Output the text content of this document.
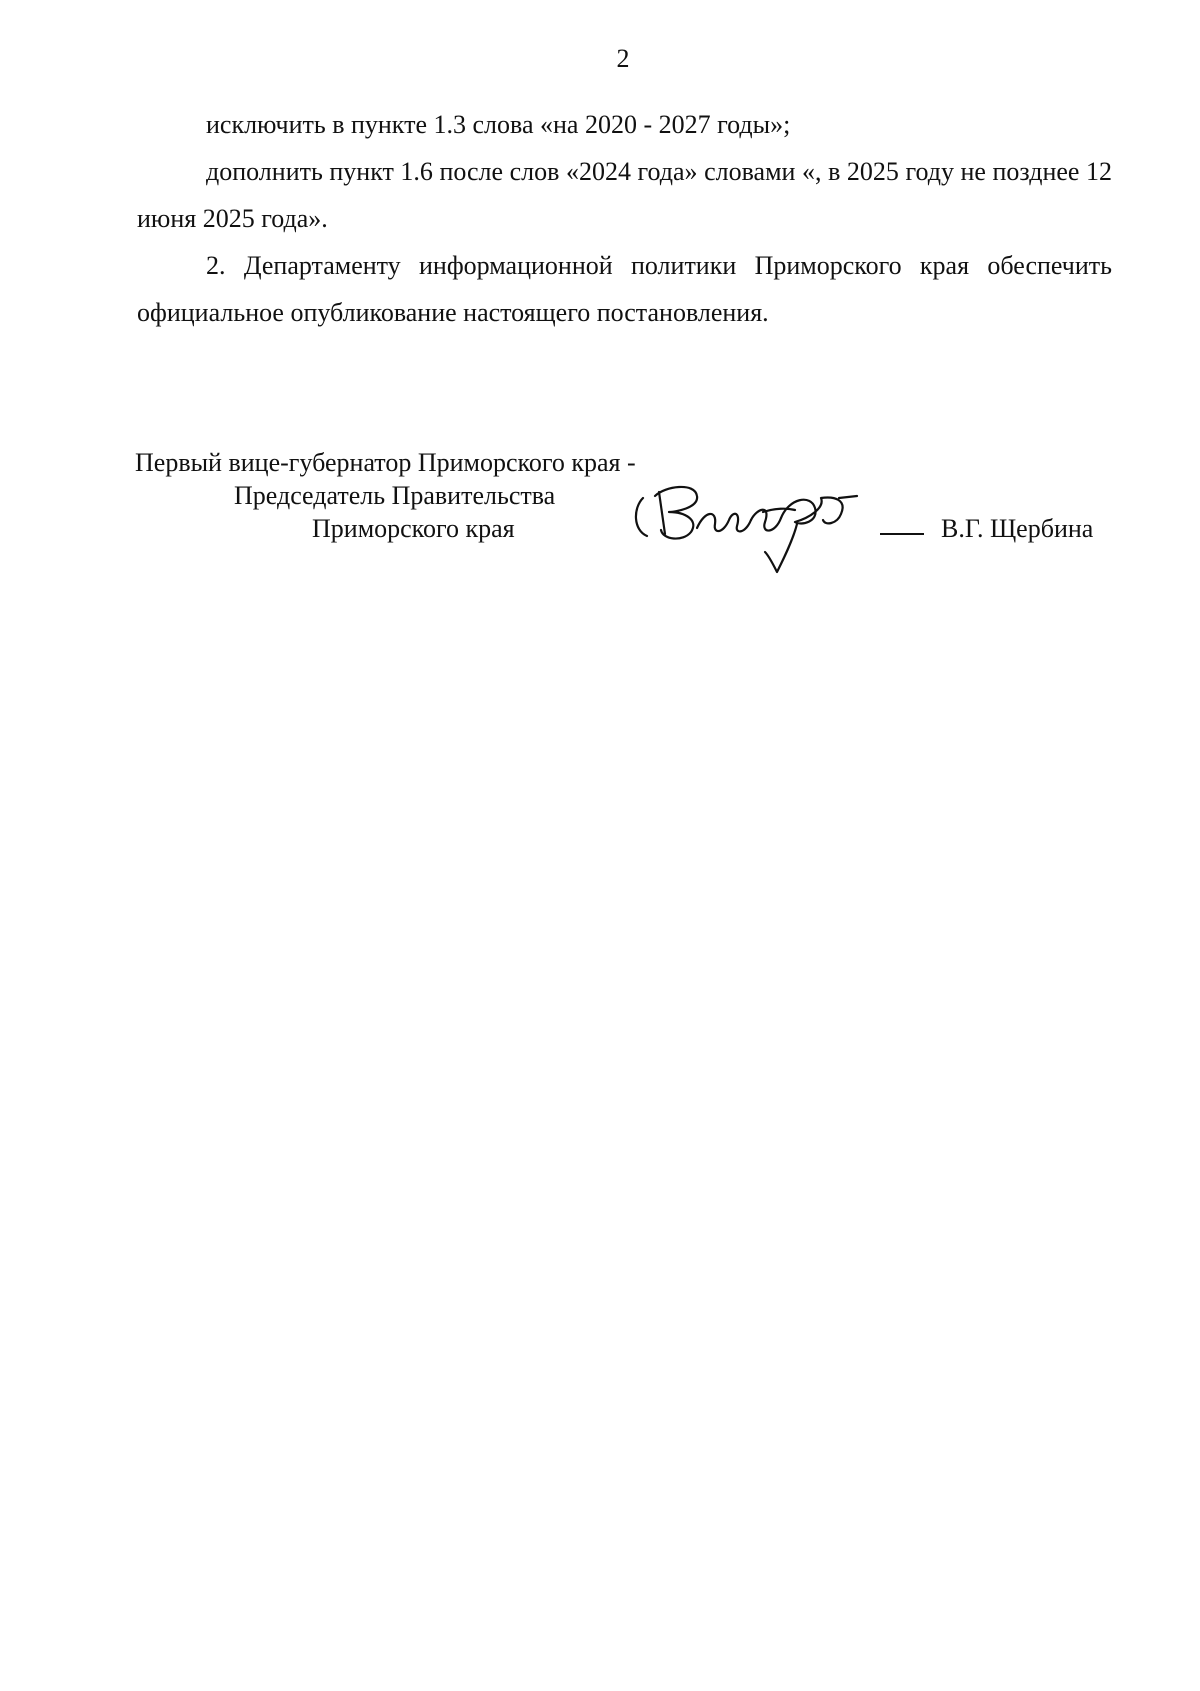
2

исключить в пункте 1.3 слова «на 2020 - 2027 годы»;

дополнить пункт 1.6 после слов «2024 года» словами «, в 2025 году не позднее 12 июня 2025 года».

2. Департаменту информационной политики Приморского края обеспечить официальное опубликование настоящего постановления.

Первый вице-губернатор Приморского края -
Председатель Правительства
Приморского края	В.Г. Щербина
